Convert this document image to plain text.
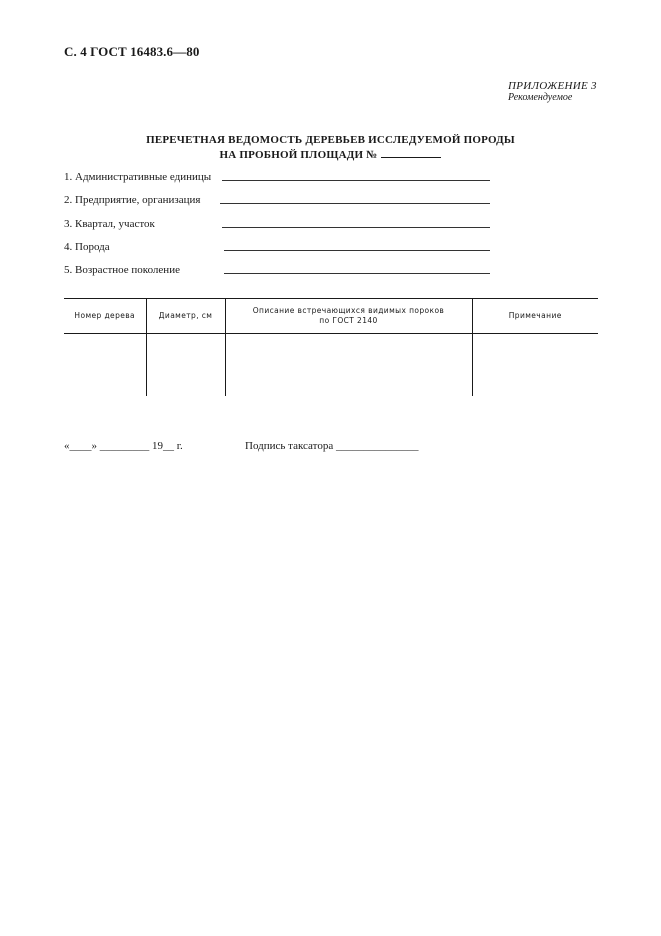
С. 4 ГОСТ 16483.6—80
ПРИЛОЖЕНИЕ 3
Рекомендуемое
ПЕРЕЧЕТНАЯ ВЕДОМОСТЬ ДЕРЕВЬЕВ ИССЛЕДУЕМОЙ ПОРОДЫ
НА ПРОБНОЙ ПЛОЩАДИ №
1. Административные единицы
2. Предприятие, организация
3. Квартал, участок
4. Порода
5. Возрастное поколение
Номер дерева	Диаметр, см	Описание встречающихся видимых пороков по ГОСТ 2140	Примечание

«____» _________ 19__ г.	Подпись таксатора _______________
